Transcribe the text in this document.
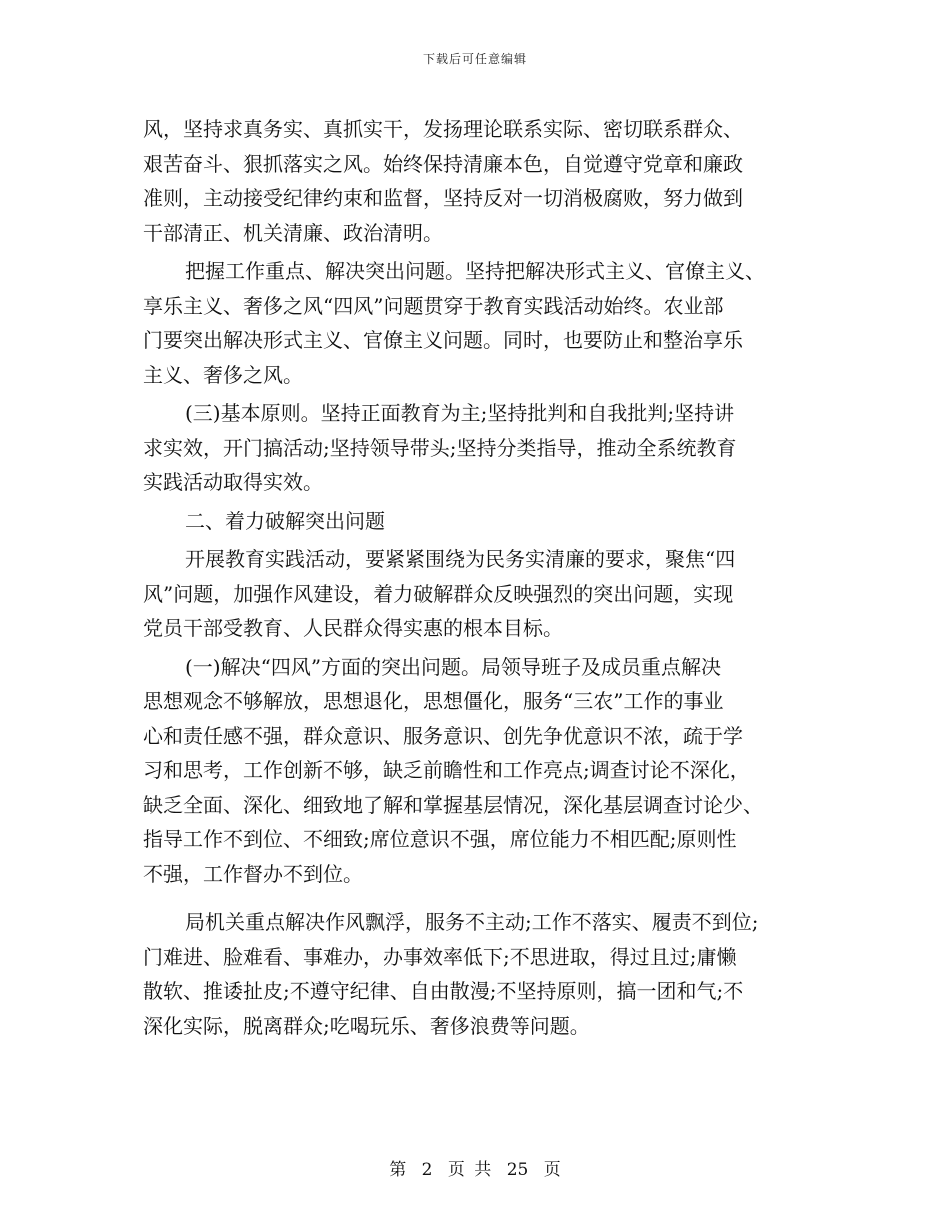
下载后可任意编辑
风，坚持求真务实、真抓实干，发扬理论联系实际、密切联系群众、
艰苦奋斗、狠抓落实之风。始终保持清廉本色，自觉遵守党章和廉政
准则，主动接受纪律约束和监督，坚持反对一切消极腐败，努力做到
干部清正、机关清廉、政治清明。
把握工作重点、解决突出问题。坚持把解决形式主义、官僚主义、
享乐主义、奢侈之风“四风”问题贯穿于教育实践活动始终。农业部
门要突出解决形式主义、官僚主义问题。同时，也要防止和整治享乐
主义、奢侈之风。
(三)基本原则。坚持正面教育为主;坚持批判和自我批判;坚持讲
求实效，开门搞活动;坚持领导带头;坚持分类指导，推动全系统教育
实践活动取得实效。
二、着力破解突出问题
开展教育实践活动，要紧紧围绕为民务实清廉的要求，聚焦“四
风”问题，加强作风建设，着力破解群众反映强烈的突出问题，实现
党员干部受教育、人民群众得实惠的根本目标。
(一)解决“四风”方面的突出问题。局领导班子及成员重点解决
思想观念不够解放，思想退化，思想僵化，服务“三农”工作的事业
心和责任感不强，群众意识、服务意识、创先争优意识不浓，疏于学
习和思考，工作创新不够，缺乏前瞻性和工作亮点;调查讨论不深化，
缺乏全面、深化、细致地了解和掌握基层情况，深化基层调查讨论少、
指导工作不到位、不细致;席位意识不强，席位能力不相匹配;原则性
不强，工作督办不到位。
局机关重点解决作风飘浮，服务不主动;工作不落实、履责不到位;
门难进、脸难看、事难办，办事效率低下;不思进取，得过且过;庸懒
散软、推诿扯皮;不遵守纪律、自由散漫;不坚持原则，搞一团和气;不
深化实际，脱离群众;吃喝玩乐、奢侈浪费等问题。
第 2 页 共 25 页
